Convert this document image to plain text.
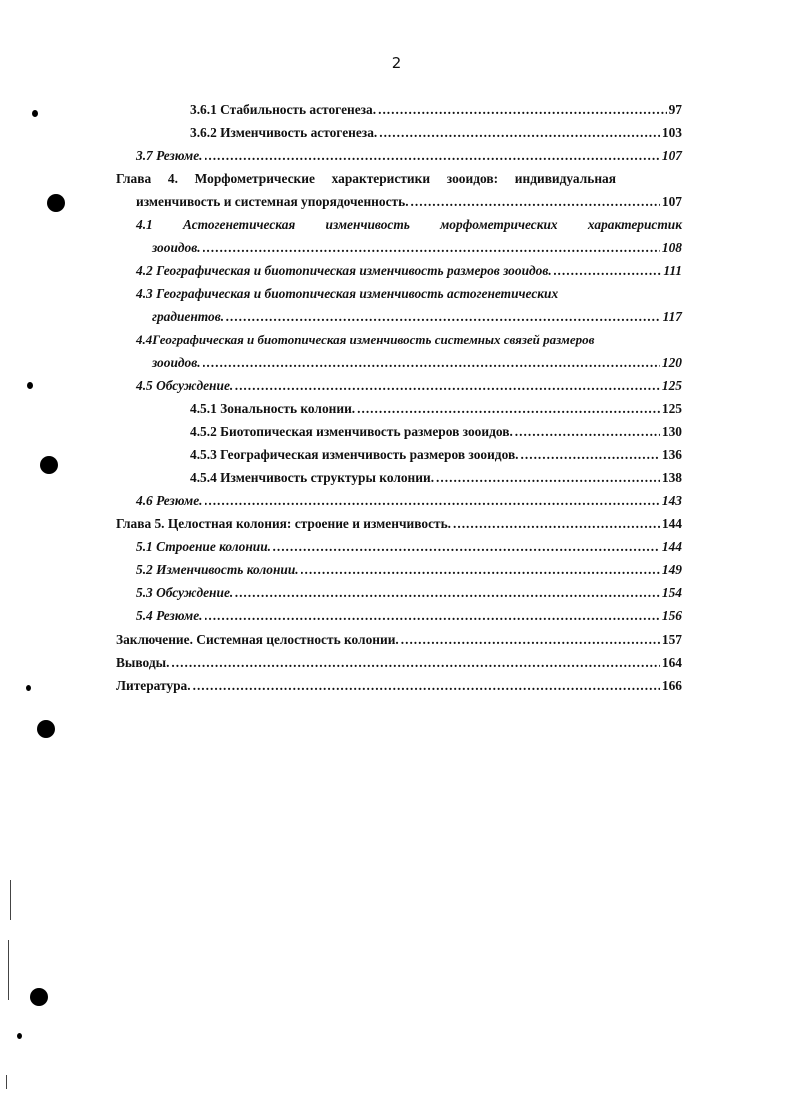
2
3.6.1 Стабильность астогенеза. .....	97
3.6.2 Изменчивость астогенеза. .....	103
3.7 Резюме. .....	107
Глава 4. Морфометрические характеристики зооидов: индивидуальная
изменчивость и системная упорядоченность. .....	107
4.1 Астогенетическая изменчивость морфометрических характеристик
зооидов. .....	108
4.2 Географическая и биотопическая изменчивость размеров зооидов. .....	111
4.3 Географическая и биотопическая изменчивость астогенетических
градиентов. .....	117
4.4Географическая и биотопическая изменчивость системных связей размеров
зооидов. .....	120
4.5 Обсуждение. .....	125
4.5.1 Зональность колонии. .....	125
4.5.2 Биотопическая изменчивость размеров зооидов. .....	130
4.5.3 Географическая изменчивость размеров зооидов. .....	136
4.5.4 Изменчивость структуры колонии. .....	138
4.6 Резюме. .....	143
Глава 5. Целостная колония: строение и изменчивость. .....	144
5.1 Строение колонии. .....	144
5.2 Изменчивость колонии. .....	149
5.3 Обсуждение. .....	154
5.4 Резюме. .....	156
Заключение. Системная целостность колонии. .....	157
Выводы. .....	164
Литература. .....	166
